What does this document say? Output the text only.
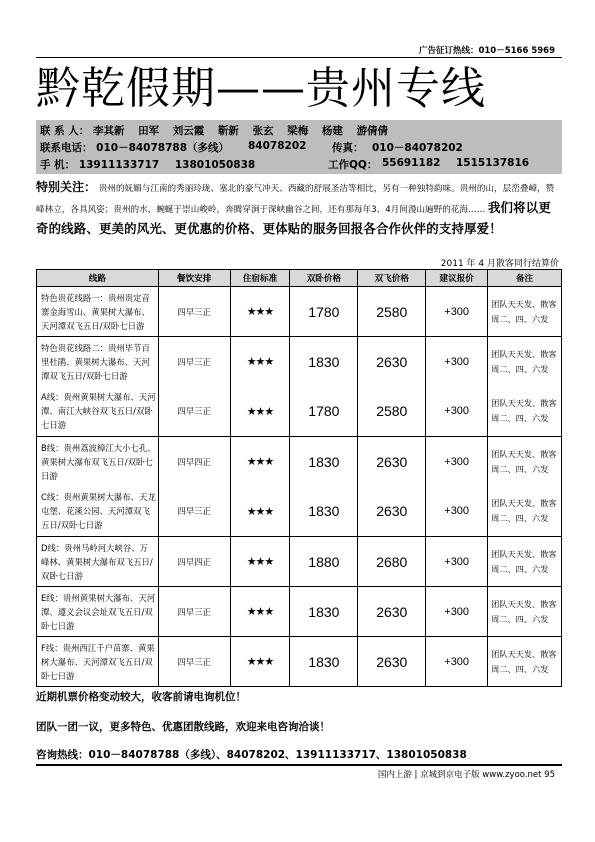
广告征订热线：010－5166 5969
黔乾假期——贵州专线
联 系 人： 李其新 田军 刘云霞 靳新 张玄 梁梅 杨建 游倩倩
联系电话： 010－84078788（多线） 84078202 传真： 010－84078202
手 机： 13911133717 13801050838	工作QQ： 55691182 1515137816
特别关注： 贵州的妩媚与江南的秀丽玲珑、塞北的豪气冲天、西藏的舒展圣洁等相比，另有一种独特韵味。贵州的山，层峦叠嶂，赞峰林立，各具风姿；贵州的水，蜿蜒于崇山峻岭，奔腾穿涧于深峡幽谷之间，还有那每年3、4月间漫山遍野的花海…… 我们将以更奇的线路、更美的风光、更优惠的价格、更体贴的服务回报各合作伙伴的支持厚爱！
2011 年 4 月散客同行结算价
线路	餐饮安排	住宿标准	双卧价格	双飞价格	建议报价	备注
特色贵花线路一：贵州贵定音寨金海雪山、黄果树大瀑布、天河潭双飞五日/双卧七日游	四早三正	★★★	1780	2580	+300	团队天天发、散客周二、四、六发
特色贵花线路二：贵州毕节百里杜鹃、黄果树大瀑布、天河潭双飞五日/双卧七日游	四早三正	★★★	1830	2630	+300	团队天天发、散客周二、四、六发
A线：贵州黄果树大瀑布、天河潭、南江大峡谷双飞五日/双卧七日游	四早三正	★★★	1780	2580	+300	团队天天发、散客周二、四、六发
B线：贵州荔波樟江大小七孔、黄果树大瀑布双飞五日/双卧七日游	四早四正	★★★	1830	2630	+300	团队天天发、散客周二、四、六发
C线：贵州黄果树大瀑布、天龙屯堡、花溪公园、天河潭双飞五日/双卧七日游	四早三正	★★★	1830	2630	+300	团队天天发、散客周二、四、六发
D线：贵州马岭河大峡谷、万峰林、黄果树大瀑布双飞五日/双卧七日游	四早四正	★★★	1880	2680	+300	团队天天发、散客周二、四、六发
E线：贵州黄果树大瀑布、天河潭、遵义会议会址双飞五日/双卧七日游	四早三正	★★★	1830	2630	+300	团队天天发、散客周二、四、六发
F线：贵州西江千户苗寨、黄果树大瀑布、天河潭双飞五日/双卧七日游	四早三正	★★★	1830	2630	+300	团队天天发、散客周二、四、六发
近期机票价格变动较大，收客前请电询机位！
团队一团一议，更多特色、优惠团散线路，欢迎来电咨询洽谈！
咨询热线：010－84078788（多线）、84078202、13911133717、13801050838
国内上游 | 京城到京电子版 www.zyoo.net 95
